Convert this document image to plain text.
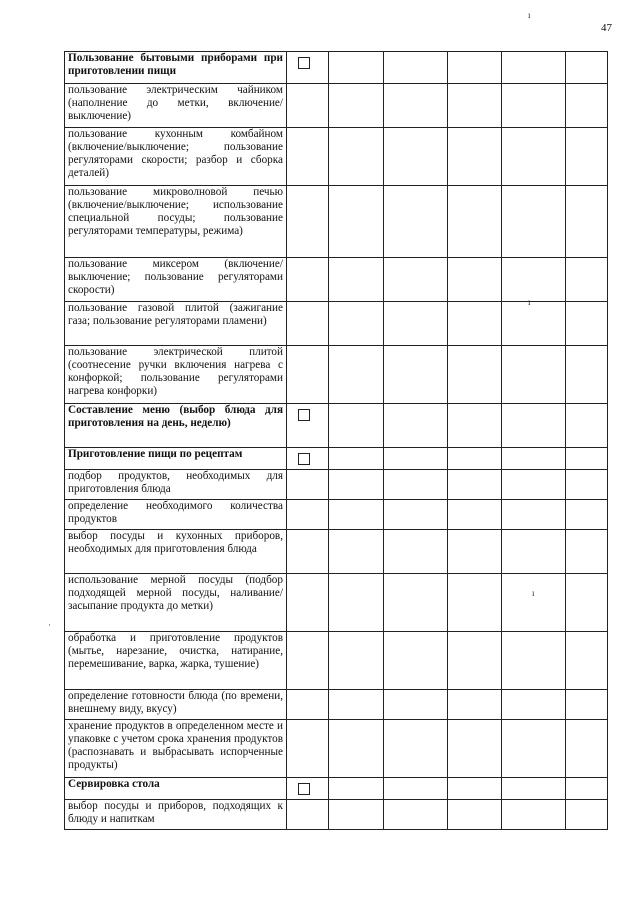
47
ı
ı
ı
·
Пользование бытовыми приборами при приготовлении пищи						
пользование электрическим чайником (наполнение до метки, включение/выключение)						
пользование кухонным комбайном (включение/выключение; пользование регуляторами скорости; разбор и сборка деталей)						
пользование микроволновой печью (включение/выключение; использование специальной посуды; пользование регуляторами температуры, режима)						
пользование миксером (включение/выключение; пользование регуляторами скорости)						
пользование газовой плитой (зажигание газа; пользование регуляторами пламени)						
пользование электрической плитой (соотнесение ручки включения нагрева с конфоркой; пользование регуляторами нагрева конфорки)						
Составление меню (выбор блюда для приготовления на день, неделю)						
Приготовление пищи по рецептам						
подбор продуктов, необходимых для приготовления блюда						
определение необходимого количества продуктов						
выбор посуды и кухонных приборов, необходимых для приготовления блюда						
использование мерной посуды (подбор подходящей мерной посуды, наливание/засыпание продукта до метки)						
обработка и приготовление продуктов (мытье, нарезание, очистка, натирание, перемешивание, варка, жарка, тушение)						
определение готовности блюда (по времени, внешнему виду, вкусу)						
хранение продуктов в определенном месте и упаковке с учетом срока хранения продуктов (распознавать и выбрасывать испорченные продукты)						
Сервировка стола						
выбор посуды и приборов, подходящих к блюду и напиткам						
